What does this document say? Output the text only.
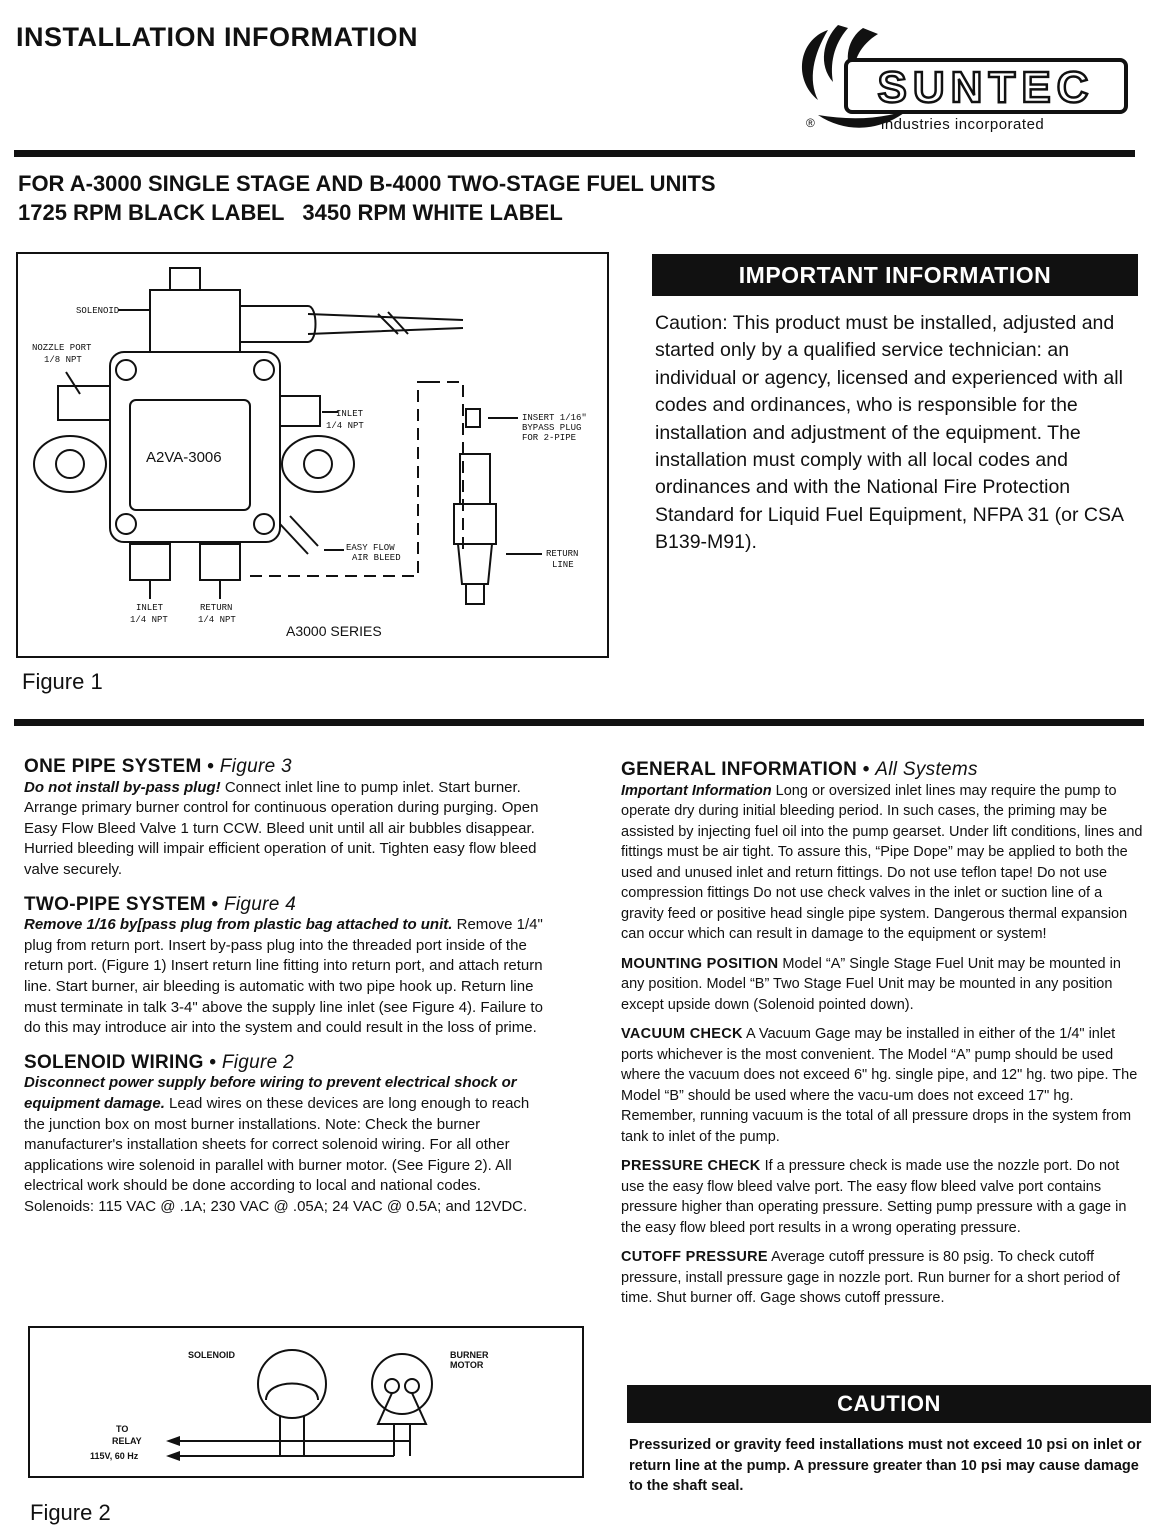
INSTALLATION INFORMATION
SUNTEC
®	industries incorporated
FOR A-3000 SINGLE STAGE AND B-4000 TWO-STAGE FUEL UNITS
1725 RPM BLACK LABEL   3450 RPM WHITE LABEL
SOLENOID
NOZZLE PORT
1/8 NPT
INLET
1/4 NPT
EASY FLOW
AIR BLEED
INLET
1/4 NPT
RETURN
1/4 NPT
INSERT 1/16"
BYPASS PLUG
FOR 2-PIPE
RETURN
LINE
A2VA-3006
A3000 SERIES
Figure 1
IMPORTANT INFORMATION
Caution: This product must be installed, adjusted and started only by a qualified service technician: an individual or agency, licensed and experienced with all codes and ordinances, who is responsible for the installation and adjustment of the equipment. The installation must comply with all local codes and ordinances and with the National Fire Protection Standard for Liquid Fuel Equipment, NFPA 31 (or CSA B139-M91).
ONE PIPE SYSTEM • Figure 3

Do not install by-pass plug! Connect inlet line to pump inlet. Start burner. Arrange primary burner control for continuous operation during purging. Open Easy Flow Bleed Valve 1 turn CCW. Bleed unit until all air bubbles disappear. Hurried bleeding will impair efficient operation of unit. Tighten easy flow bleed valve securely.

TWO-PIPE SYSTEM • Figure 4

Remove 1/16 by[pass plug from plastic bag attached to unit. Remove 1/4" plug from return port. Insert by-pass plug into the threaded port inside of the return port. (Figure 1) Insert return line fitting into return port, and attach return line. Start burner, air bleeding is automatic with two pipe hook up. Return line must terminate in talk 3-4" above the supply line inlet (see Figure 4). Failure to do this may introduce air into the system and could result in the loss of prime.

SOLENOID WIRING • Figure 2

Disconnect power supply before wiring to prevent electrical shock or equipment damage. Lead wires on these devices are long enough to reach the junction box on most burner installations. Note: Check the burner manufacturer's installation sheets for correct solenoid wiring. For all other applications wire solenoid in parallel with burner motor. (See Figure 2). All electrical work should be done according to local and national codes. Solenoids: 115 VAC @ .1A; 230 VAC @ .05A; 24 VAC @ 0.5A; and 12VDC.

SOLENOID	BURNER
MOTOR
TO
RELAY
115V, 60 Hz
Figure 2
GENERAL INFORMATION • All Systems

Important Information Long or oversized inlet lines may require the pump to operate dry during initial bleeding period. In such cases, the priming may be assisted by injecting fuel oil into the pump gearset. Under lift conditions, lines and fittings must be air tight. To assure this, “Pipe Dope” may be applied to both the used and unused inlet and return fittings. Do not use teflon tape! Do not use compression fittings Do not use check valves in the inlet or suction line of a gravity feed or positive head single pipe system. Dangerous thermal expansion can occur which can result in damage to the equipment or system!

MOUNTING POSITION Model “A” Single Stage Fuel Unit may be mounted in any position. Model “B” Two Stage Fuel Unit may be mounted in any position except upside down (Solenoid pointed down).

VACUUM CHECK A Vacuum Gage may be installed in either of the 1/4" inlet ports whichever is the most convenient. The Model “A” pump should be used where the vacuum does not exceed 6" hg. single pipe, and 12" hg. two pipe. The Model “B” should be used where the vacu-um does not exceed 17" hg. Remember, running vacuum is the total of all pressure drops in the system from tank to inlet of the pump.

PRESSURE CHECK If a pressure check is made use the nozzle port. Do not use the easy flow bleed valve port. The easy flow bleed valve port contains pressure higher than operating pressure. Setting pump pressure with a gage in the easy flow bleed port results in a wrong operating pressure.

CUTOFF PRESSURE Average cutoff pressure is 80 psig. To check cutoff pressure, install pressure gage in nozzle port. Run burner for a short period of time. Shut burner off. Gage shows cutoff pressure.

CAUTION
Pressurized or gravity feed installations must not exceed 10 psi on inlet or return line at the pump. A pressure greater than 10 psi may cause damage to the shaft seal.
